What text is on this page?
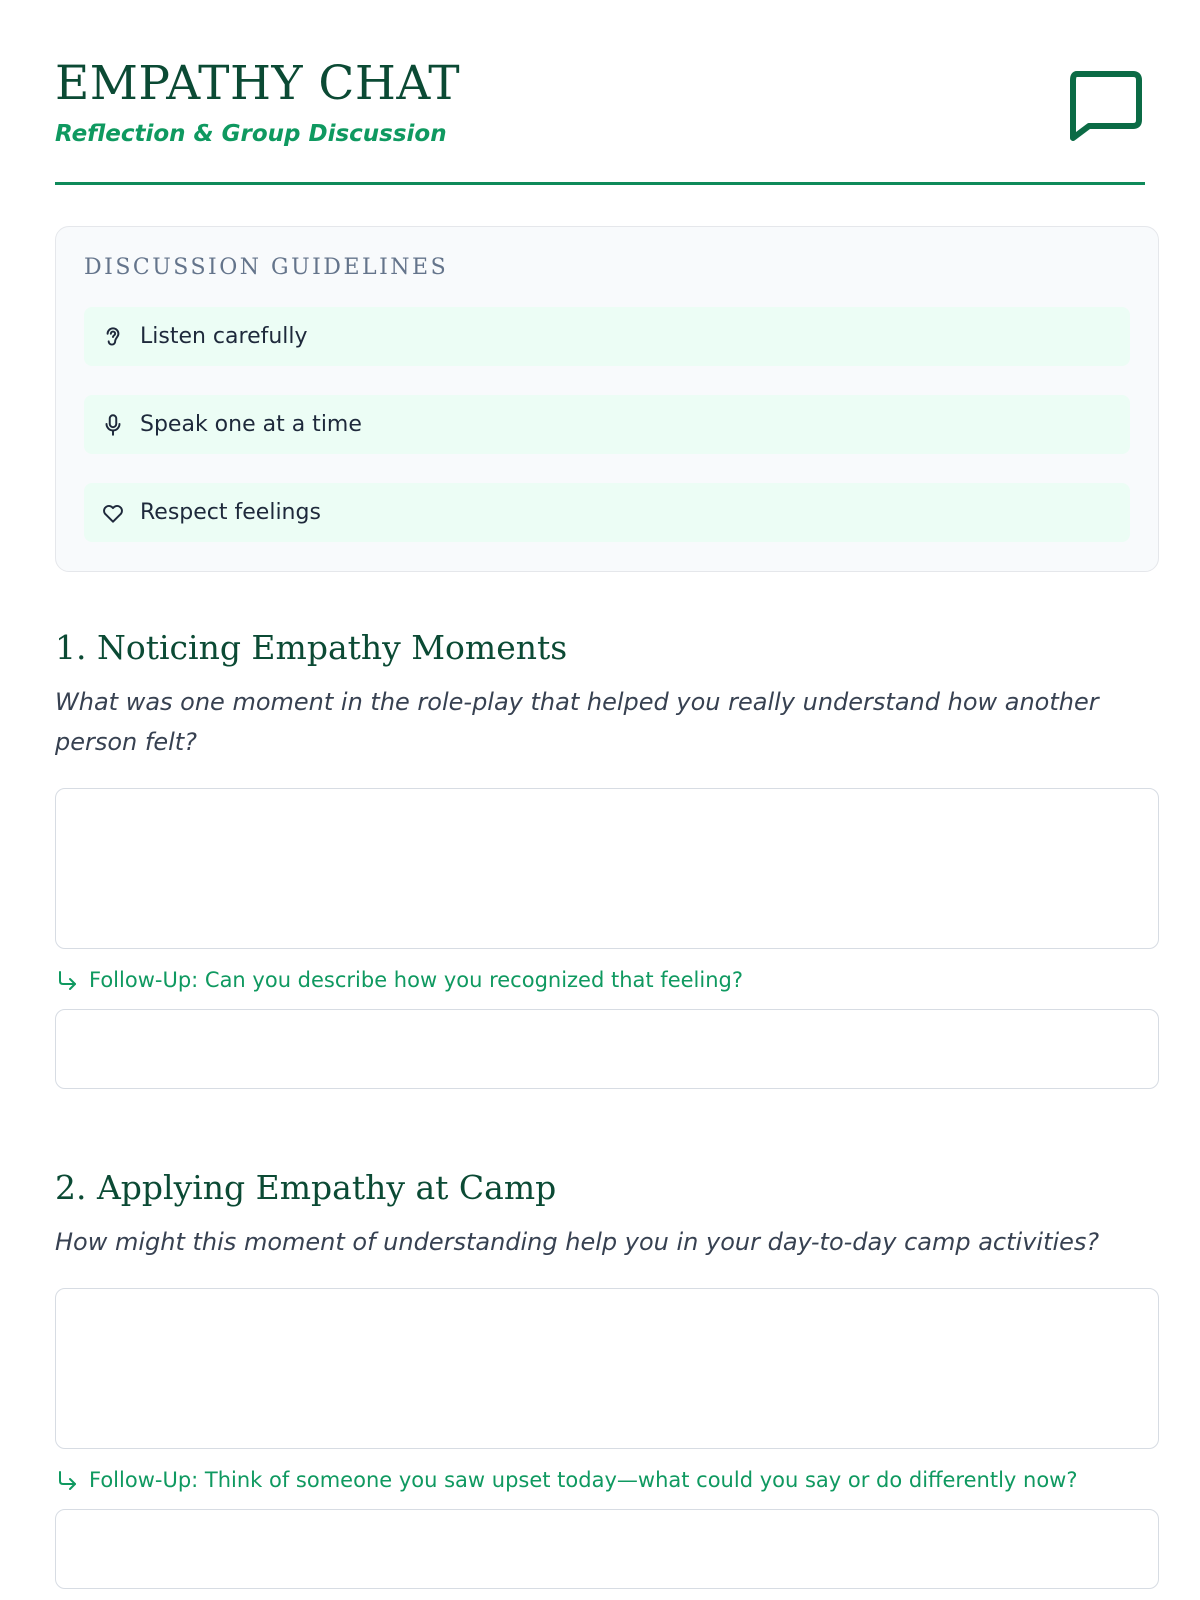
EMPATHY CHAT
Reflection & Group Discussion
DISCUSSION GUIDELINES
Listen carefully
Speak one at a time
Respect feelings
1. Noticing Empathy Moments
What was one moment in the role-play that helped you really understand how another person felt?
Follow-Up: Can you describe how you recognized that feeling?
2. Applying Empathy at Camp
How might this moment of understanding help you in your day-to-day camp activities?
Follow-Up: Think of someone you saw upset today—what could you say or do differently now?
